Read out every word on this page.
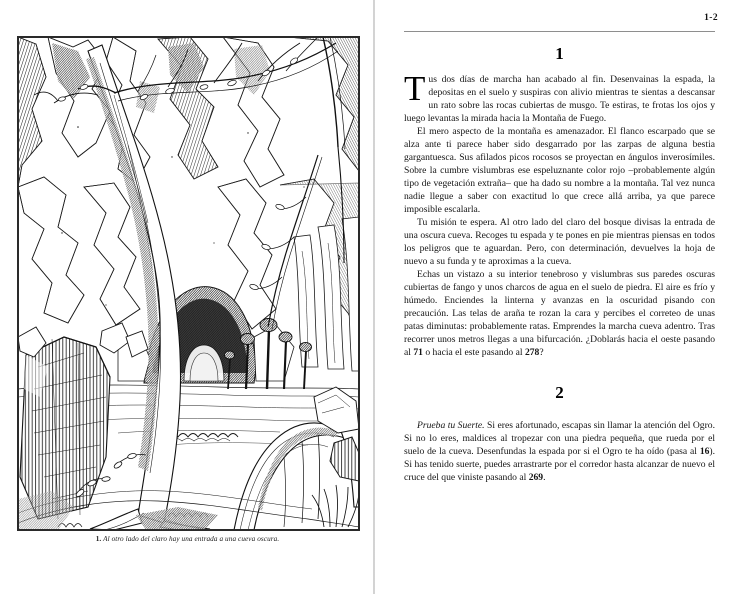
1. Al otro lado del claro hay una entrada a una cueva oscura.
1-2
1

Tus dos días de marcha han acabado al fin. Desenvainas la espada, la depositas en el suelo y suspiras con alivio mientras te sientas a descansar un rato sobre las rocas cubiertas de musgo. Te estiras, te frotas los ojos y luego levantas la mirada hacia la Montaña de Fuego.

El mero aspecto de la montaña es amenazador. El flanco escarpado que se alza ante ti parece haber sido desgarrado por las zarpas de alguna bestia gargantuesca. Sus afilados picos rocosos se proyectan en ángulos inverosímiles. Sobre la cumbre vislumbras ese espeluznante color rojo –probablemente algún tipo de vegetación extraña– que ha dado su nombre a la montaña. Tal vez nunca nadie llegue a saber con exactitud lo que crece allá arriba, ya que parece imposible escalarla.

Tu misión te espera. Al otro lado del claro del bosque divisas la entrada de una oscura cueva. Recoges tu espada y te pones en pie mientras piensas en todos los peligros que te aguardan. Pero, con determinación, devuelves la hoja de nuevo a su funda y te aproximas a la cueva.

Echas un vistazo a su interior tenebroso y vislumbras sus paredes oscuras cubiertas de fango y unos charcos de agua en el suelo de piedra. El aire es frío y húmedo. Enciendes la linterna y avanzas en la oscuridad pisando con precaución. Las telas de araña te rozan la cara y percibes el correteo de unas patas diminutas: probablemente ratas. Emprendes la marcha cueva adentro. Tras recorrer unos metros llegas a una bifurcación. ¿Doblarás hacia el oeste pasando al 71 o hacia el este pasando al 278?

2

Prueba tu Suerte. Si eres afortunado, escapas sin llamar la atención del Ogro. Si no lo eres, maldices al tropezar con una piedra pequeña, que rueda por el suelo de la cueva. Desenfundas la espada por si el Ogro te ha oído (pasa al 16). Si has tenido suerte, puedes arrastrarte por el corredor hasta alcanzar de nuevo el cruce del que viniste pasando al 269.
